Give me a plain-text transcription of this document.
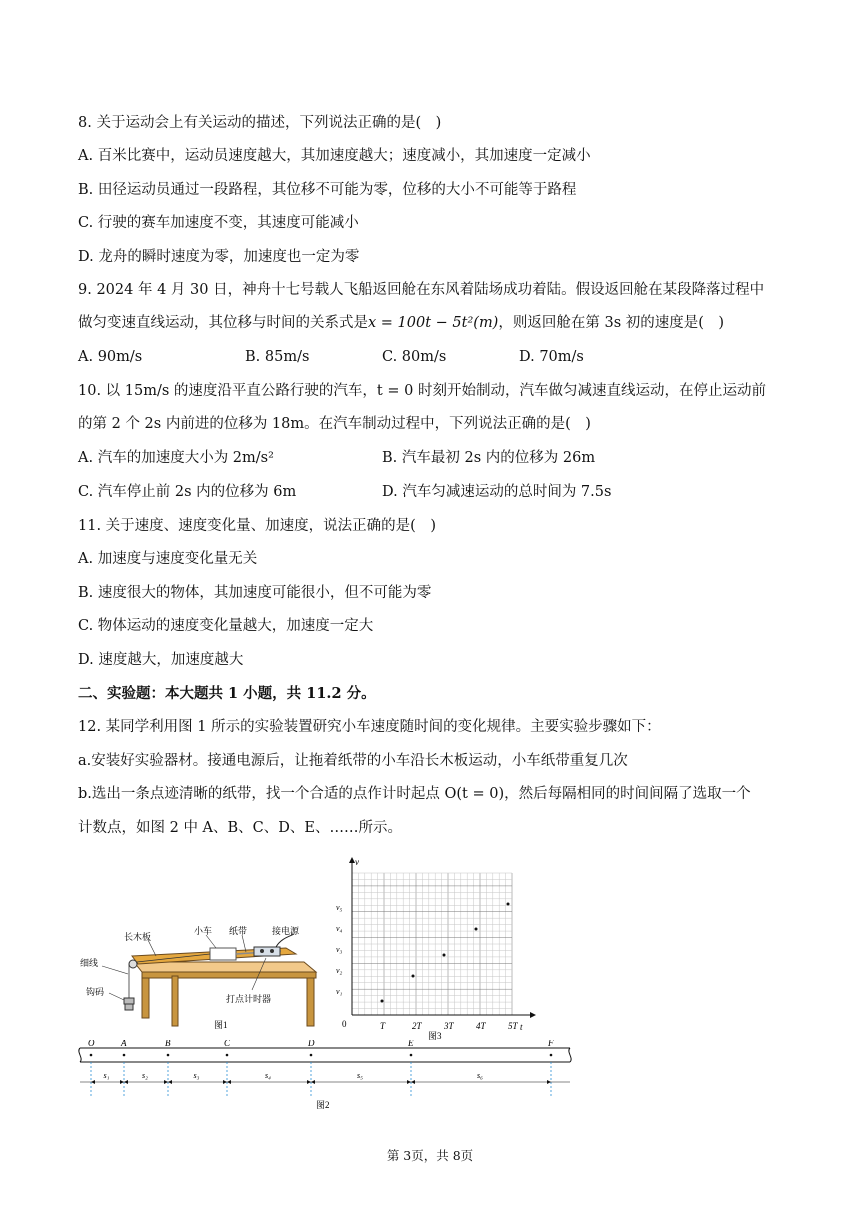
8. 关于运动会上有关运动的描述，下列说法正确的是(　)
A. 百米比赛中，运动员速度越大，其加速度越大；速度减小，其加速度一定减小
B. 田径运动员通过一段路程，其位移不可能为零，位移的大小不可能等于路程
C. 行驶的赛车加速度不变，其速度可能减小
D. 龙舟的瞬时速度为零，加速度也一定为零
9. 2024 年 4 月 30 日，神舟十七号载人飞船返回舱在东风着陆场成功着陆。假设返回舱在某段降落过程中
做匀变速直线运动，其位移与时间的关系式是x = 100t − 5t²(m)，则返回舱在第 3s 初的速度是(　)
A. 90m/s	B. 85m/s	C. 80m/s	D. 70m/s
10. 以 15m/s 的速度沿平直公路行驶的汽车，t = 0 时刻开始制动，汽车做匀减速直线运动，在停止运动前
的第 2 个 2s 内前进的位移为 18m。在汽车制动过程中，下列说法正确的是(　)
A. 汽车的加速度大小为 2m/s²	B. 汽车最初 2s 内的位移为 26m
C. 汽车停止前 2s 内的位移为 6m	D. 汽车匀减速运动的总时间为 7.5s
11. 关于速度、速度变化量、加速度，说法正确的是(　)
A. 加速度与速度变化量无关
B. 速度很大的物体，其加速度可能很小，但不可能为零
C. 物体运动的速度变化量越大，加速度一定大
D. 速度越大，加速度越大
二、实验题：本大题共 1 小题，共 11.2 分。
12. 某同学利用图 1 所示的实验装置研究小车速度随时间的变化规律。主要实验步骤如下：
a.安装好实验器材。接通电源后，让拖着纸带的小车沿长木板运动，小车纸带重复几次
b.选出一条点迹清晰的纸带，找一个合适的点作计时起点 O(t = 0)，然后每隔相同的时间间隔了选取一个
计数点，如图 2 中 A、B、C、D、E、……所示。
长木板
小车 纸带	接电源
细线
钩码
打点计时器
图1
v
t
0
v₁
v₂
v₃
v₄
v₅
T	2T 3T 4T 5T
图3
O	A	B	C	D	E	F
s₁	s₂	s₃	s₄	s₅	s₆
图2
第 3页，共 8页
